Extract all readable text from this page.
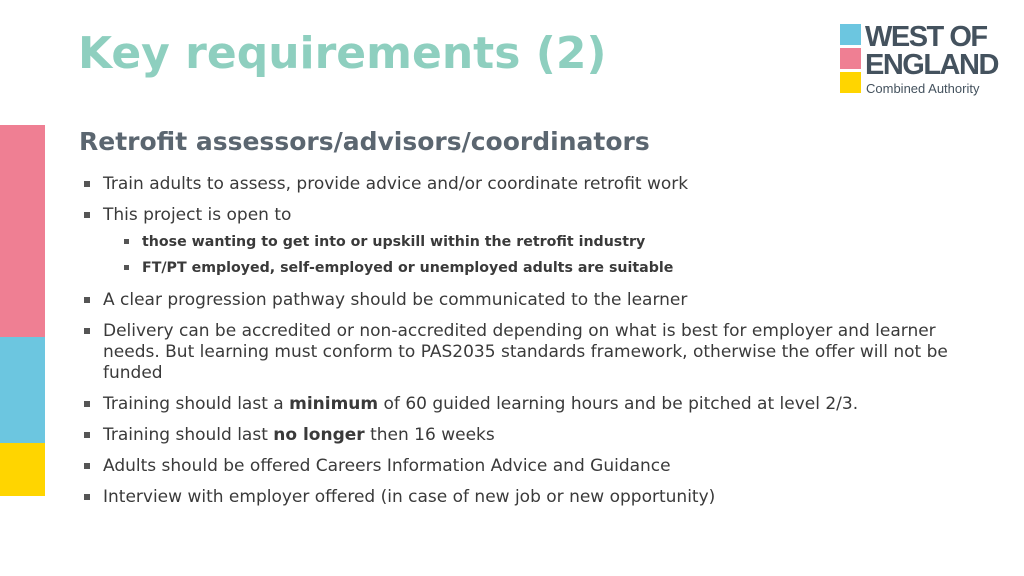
Key requirements (2)	WEST OF

ENGLAND

Combined Authority

Retrofit assessors/advisors/coordinators
Train adults to assess, provide advice and/or coordinate retrofit work
This project is open to
those wanting to get into or upskill within the retrofit industry
FT/PT employed, self-employed or unemployed adults are suitable
A clear progression pathway should be communicated to the learner
Delivery can be accredited or non-accredited depending on what is best for employer and learner needs. But learning must conform to PAS2035 standards framework, otherwise the offer will not be funded
Training should last a minimum of 60 guided learning hours and be pitched at level 2/3.
Training should last no longer then 16 weeks
Adults should be offered Careers Information Advice and Guidance
Interview with employer offered (in case of new job or new opportunity)
